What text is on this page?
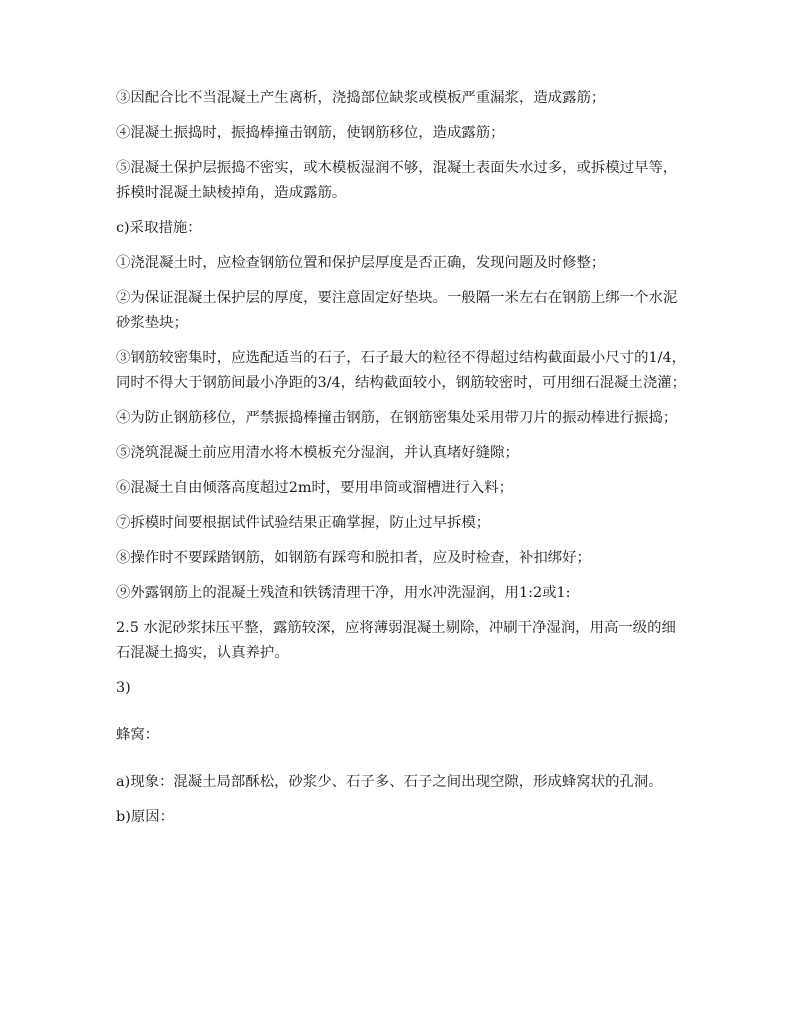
③因配合比不当混凝土产生离析，浇捣部位缺浆或模板严重漏浆，造成露筋；

④混凝土振捣时，振捣棒撞击钢筋，使钢筋移位，造成露筋；

⑤混凝土保护层振捣不密实，或木模板湿润不够，混凝土表面失水过多，或拆模过早等，拆模时混凝土缺棱掉角，造成露筋。

c)采取措施：

①浇混凝土时，应检查钢筋位置和保护层厚度是否正确，发现问题及时修整；

②为保证混凝土保护层的厚度，要注意固定好垫块。一般隔一米左右在钢筋上绑一个水泥砂浆垫块；

③钢筋较密集时，应选配适当的石子，石子最大的粒径不得超过结构截面最小尺寸的1/4，同时不得大于钢筋间最小净距的3/4，结构截面较小，钢筋较密时，可用细石混凝土浇灌；

④为防止钢筋移位，严禁振捣棒撞击钢筋，在钢筋密集处采用带刀片的振动棒进行振捣；

⑤浇筑混凝土前应用清水将木模板充分湿润，并认真堵好缝隙；

⑥混凝土自由倾落高度超过2m时，要用串筒或溜槽进行入料；

⑦拆模时间要根据试件试验结果正确掌握，防止过早拆模；

⑧操作时不要踩踏钢筋，如钢筋有踩弯和脱扣者，应及时检查，补扣绑好；

⑨外露钢筋上的混凝土残渣和铁锈清理干净，用水冲洗湿润，用1:2或1:

2.5 水泥砂浆抹压平整，露筋较深，应将薄弱混凝土剔除，冲刷干净湿润，用高一级的细石混凝土捣实，认真养护。

3)

蜂窝：

a)现象：混凝土局部酥松，砂浆少、石子多、石子之间出现空隙，形成蜂窝状的孔洞。

b)原因：
